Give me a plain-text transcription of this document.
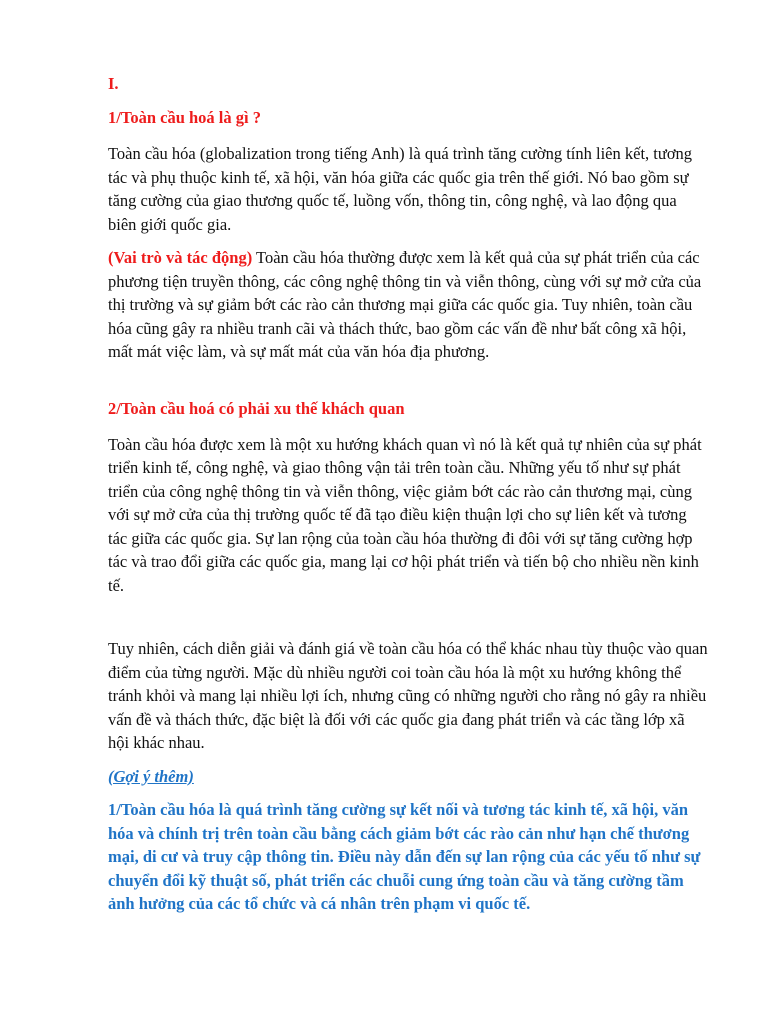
I.

1/Toàn cầu hoá là gì ?

Toàn cầu hóa (globalization trong tiếng Anh) là quá trình tăng cường tính liên kết, tương tác và phụ thuộc kinh tế, xã hội, văn hóa giữa các quốc gia trên thế giới. Nó bao gồm sự tăng cường của giao thương quốc tế, luồng vốn, thông tin, công nghệ, và lao động qua biên giới quốc gia.

(Vai trò và tác động) Toàn cầu hóa thường được xem là kết quả của sự phát triển của các phương tiện truyền thông, các công nghệ thông tin và viễn thông, cùng với sự mở cửa của thị trường và sự giảm bớt các rào cản thương mại giữa các quốc gia. Tuy nhiên, toàn cầu hóa cũng gây ra nhiều tranh cãi và thách thức, bao gồm các vấn đề như bất công xã hội, mất mát việc làm, và sự mất mát của văn hóa địa phương.

2/Toàn cầu hoá có phải xu thế khách quan

Toàn cầu hóa được xem là một xu hướng khách quan vì nó là kết quả tự nhiên của sự phát triển kinh tế, công nghệ, và giao thông vận tải trên toàn cầu. Những yếu tố như sự phát triển của công nghệ thông tin và viễn thông, việc giảm bớt các rào cản thương mại, cùng với sự mở cửa của thị trường quốc tế đã tạo điều kiện thuận lợi cho sự liên kết và tương tác giữa các quốc gia. Sự lan rộng của toàn cầu hóa thường đi đôi với sự tăng cường hợp tác và trao đổi giữa các quốc gia, mang lại cơ hội phát triển và tiến bộ cho nhiều nền kinh tế.

Tuy nhiên, cách diễn giải và đánh giá về toàn cầu hóa có thể khác nhau tùy thuộc vào quan điểm của từng người. Mặc dù nhiều người coi toàn cầu hóa là một xu hướng không thể tránh khỏi và mang lại nhiều lợi ích, nhưng cũng có những người cho rằng nó gây ra nhiều vấn đề và thách thức, đặc biệt là đối với các quốc gia đang phát triển và các tầng lớp xã hội khác nhau.

(Gợi ý thêm)

1/Toàn cầu hóa là quá trình tăng cường sự kết nối và tương tác kinh tế, xã hội, văn hóa và chính trị trên toàn cầu bằng cách giảm bớt các rào cản như hạn chế thương mại, di cư và truy cập thông tin. Điều này dẫn đến sự lan rộng của các yếu tố như sự chuyển đổi kỹ thuật số, phát triển các chuỗi cung ứng toàn cầu và tăng cường tầm ảnh hưởng của các tổ chức và cá nhân trên phạm vi quốc tế.
